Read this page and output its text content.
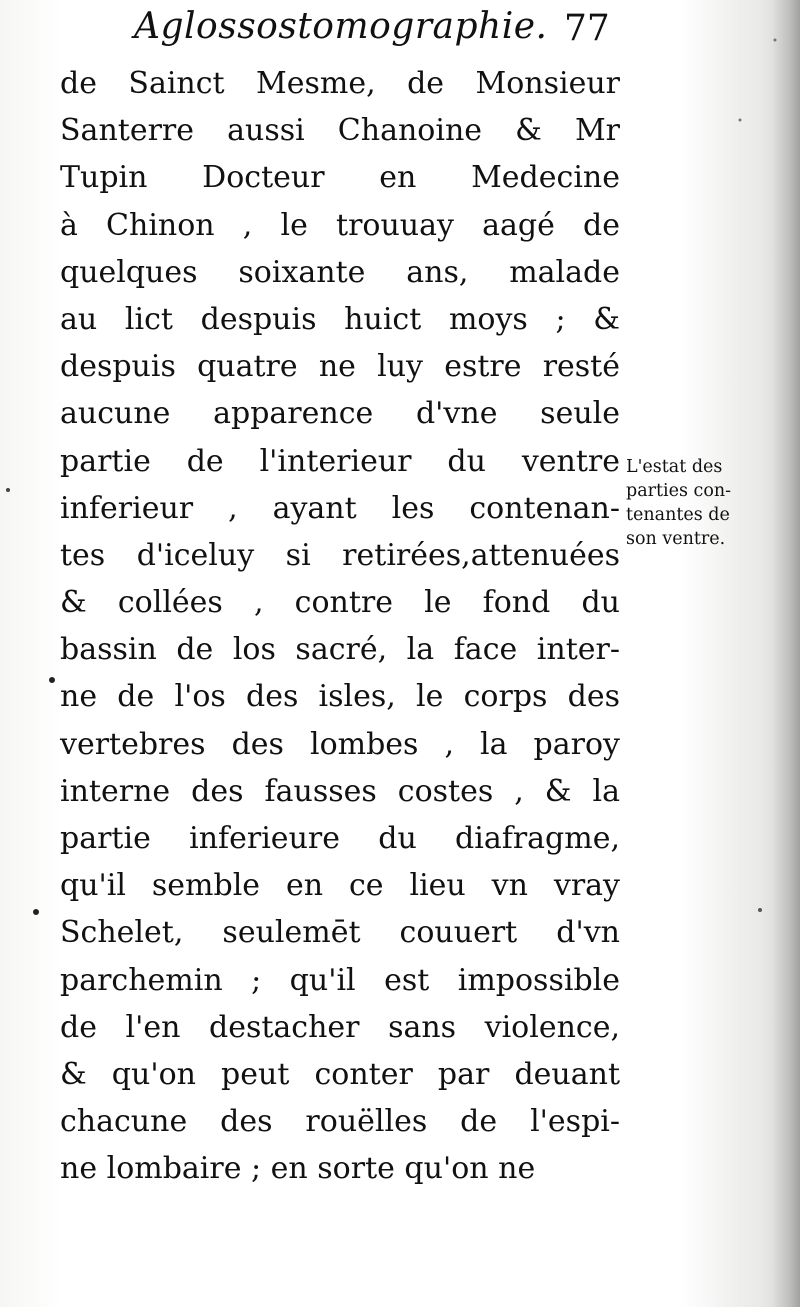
Aglossostomographie. 77
de Sainct Mesme, de Monsieur
Santerre aussi Chanoine & Mr
Tupin Docteur en Medecine
à Chinon , le trouuay aagé de
quelques soixante ans, malade
au lict despuis huict moys ; &
despuis quatre ne luy estre resté
aucune apparence d'vne seule
partie de l'interieur du ventre
inferieur , ayant les contenan-
tes d'iceluy si retirées,attenuées
& collées , contre le fond du
bassin de los sacré, la face inter-
ne de l'os des isles, le corps des
vertebres des lombes , la paroy
interne des fausses costes , & la
partie inferieure du diafragme,
qu'il semble en ce lieu vn vray
Schelet, seulemēt couuert d'vn
parchemin ; qu'il est impossible
de l'en destacher sans violence,
& qu'on peut conter par deuant
chacune des rouëlles de l'espi-
ne lombaire ; en sorte qu'on ne
L'estat des
parties con-
tenantes de
son ventre.
